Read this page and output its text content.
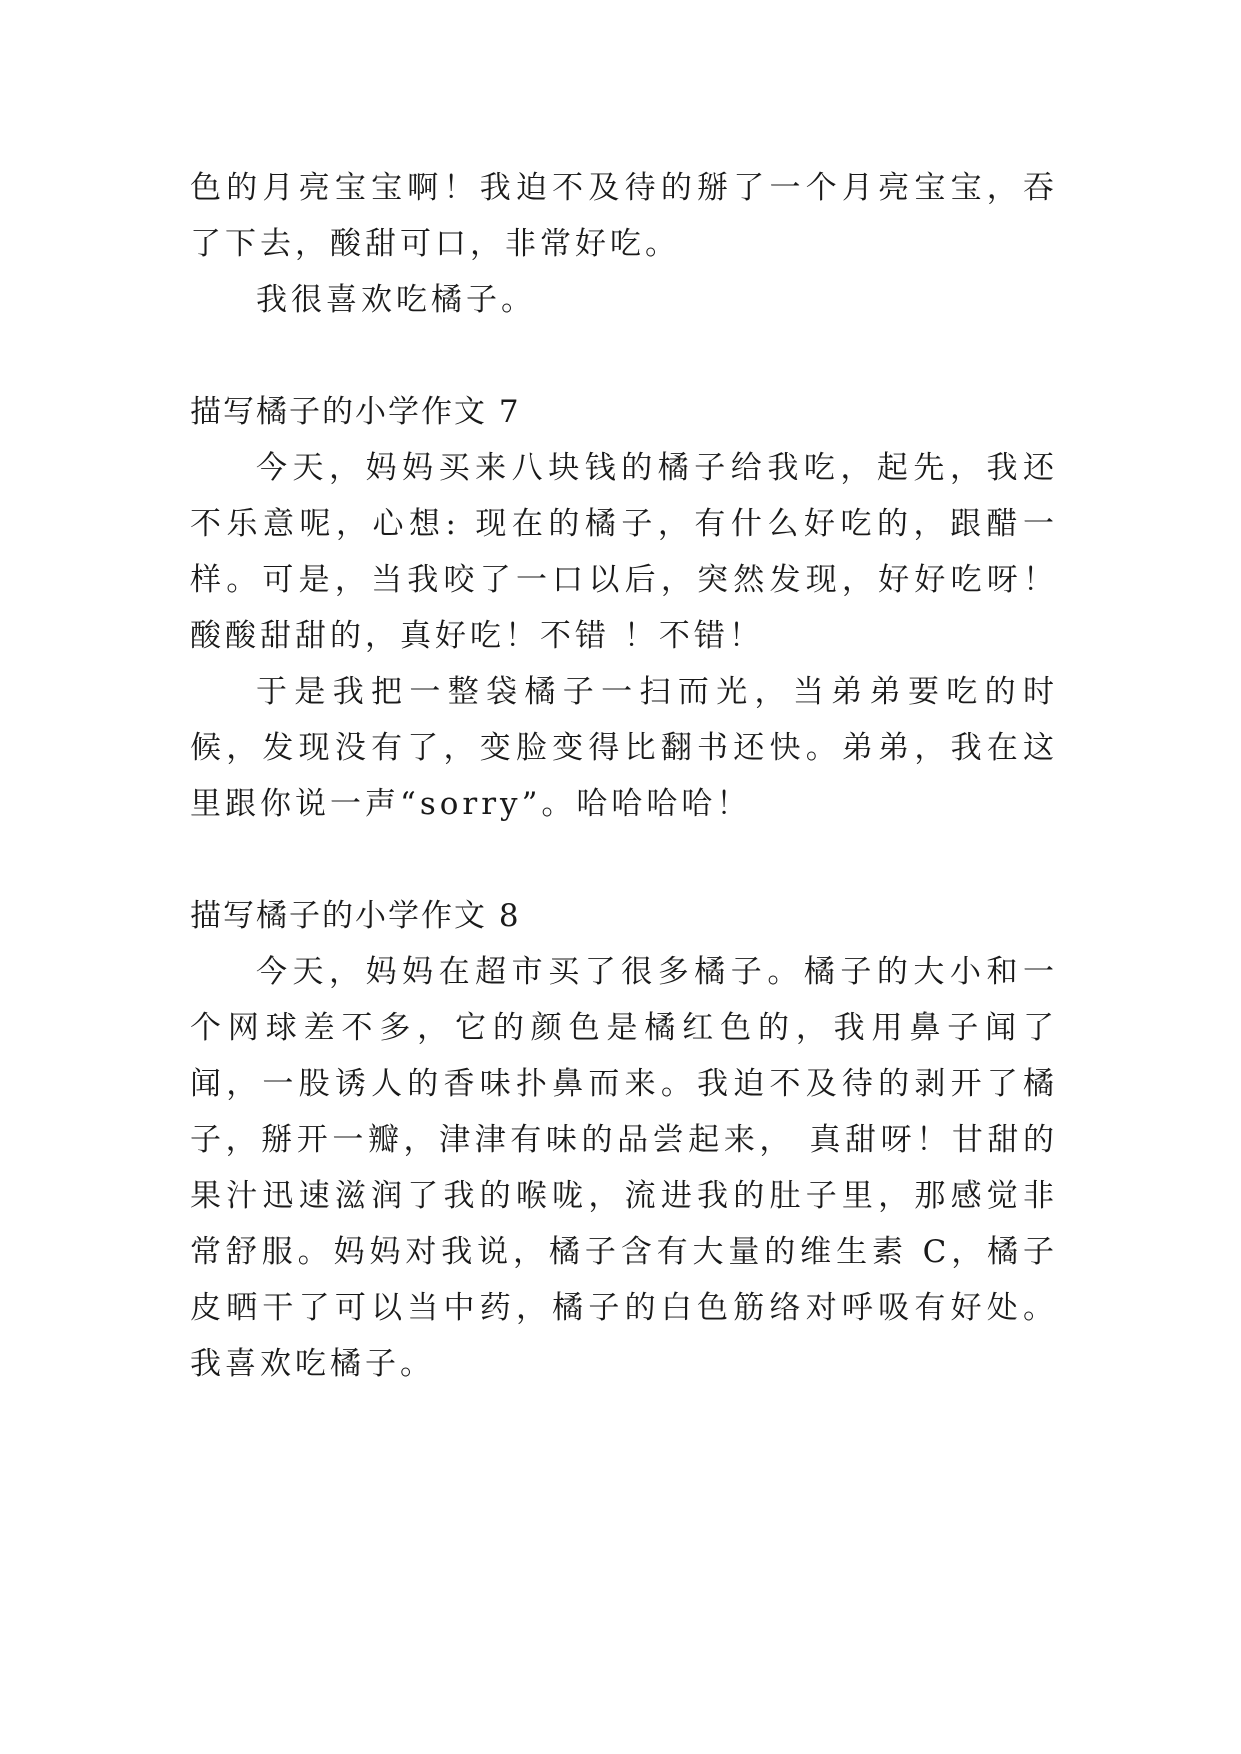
色的月亮宝宝啊！我迫不及待的掰了一个月亮宝宝，吞了下去，酸甜可口，非常好吃。

我很喜欢吃橘子。

描写橘子的小学作文 7

今天，妈妈买来八块钱的橘子给我吃，起先，我还不乐意呢，心想: 现在的橘子，有什么好吃的，跟醋一样。可是，当我咬了一口以后，突然发现，好好吃呀！酸酸甜甜的，真好吃！不错 ！不错！

于是我把一整袋橘子一扫而光，当弟弟要吃的时候，发现没有了，变脸变得比翻书还快。弟弟，我在这里跟你说一声“sorry”。哈哈哈哈！

描写橘子的小学作文 8

今天，妈妈在超市买了很多橘子。橘子的大小和一个网球差不多，它的颜色是橘红色的，我用鼻子闻了闻，一股诱人的香味扑鼻而来。我迫不及待的剥开了橘子，掰开一瓣，津津有味的品尝起来， 真甜呀！甘甜的果汁迅速滋润了我的喉咙，流进我的肚子里，那感觉非常舒服。妈妈对我说，橘子含有大量的维生素 C，橘子皮晒干了可以当中药，橘子的白色筋络对呼吸有好处。我喜欢吃橘子。
